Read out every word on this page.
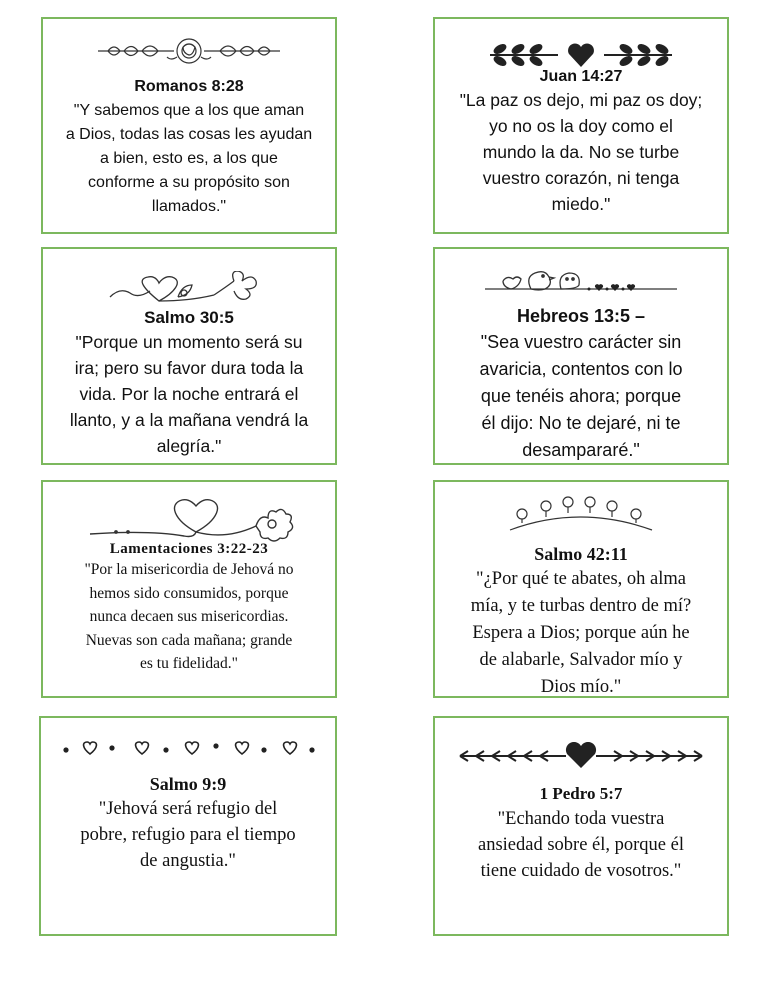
Romanos 8:28
"Y sabemos que a los que aman
a Dios, todas las cosas les ayudan
a bien, esto es, a los que
conforme a su propósito son
llamados."
Juan 14:27
"La paz os dejo, mi paz os doy;
yo no os la doy como el
mundo la da. No se turbe
vuestro corazón, ni tenga
miedo."
Salmo 30:5
"Porque un momento será su
ira; pero su favor dura toda la
vida. Por la noche entrará el
llanto, y a la mañana vendrá la
alegría."
Hebreos 13:5 –
"Sea vuestro carácter sin
avaricia, contentos con lo
que tenéis ahora; porque
él dijo: No te dejaré, ni te
desampararé."
Lamentaciones 3:22-23
"Por la misericordia de Jehová no
hemos sido consumidos, porque
nunca decaen sus misericordias.
Nuevas son cada mañana; grande
es tu fidelidad."
Salmo 42:11
"¿Por qué te abates, oh alma
mía, y te turbas dentro de mí?
Espera a Dios; porque aún he
de alabarle, Salvador mío y
Dios mío."
Salmo 9:9
"Jehová será refugio del
pobre, refugio para el tiempo
de angustia."
1 Pedro 5:7
"Echando toda vuestra
ansiedad sobre él, porque él
tiene cuidado de vosotros."
